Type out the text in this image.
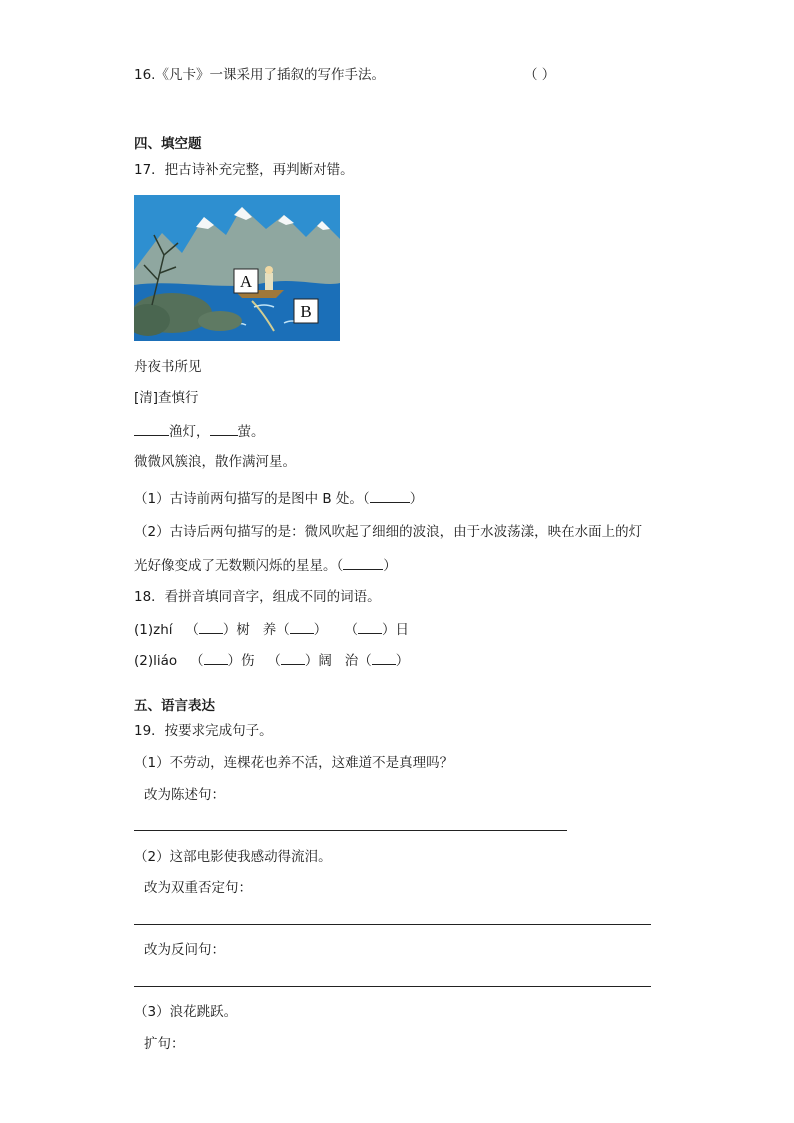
16.《凡卡》一课采用了插叙的写作手法。	（ ）
四、填空题
17．把古诗补充完整，再判断对错。
A
B
舟夜书所见
[清]查慎行
渔灯， 萤。
微微风簇浪，散作满河星。
（1）古诗前两句描写的是图中 B 处。（	）
（2）古诗后两句描写的是：微风吹起了细细的波浪，由于水波荡漾，映在水面上的灯
光好像变成了无数颗闪烁的星星。（	）
18．看拼音填同音字，组成不同的词语。
(1)zhí （ ）树 养（ ） （ ）日
(2)liáo （ ）伤 （ ）阔 治（ ）
五、语言表达
19．按要求完成句子。
（1）不劳动，连棵花也养不活，这难道不是真理吗？
改为陈述句：
（2）这部电影使我感动得流泪。
改为双重否定句：
改为反问句：
（3）浪花跳跃。
扩句：
